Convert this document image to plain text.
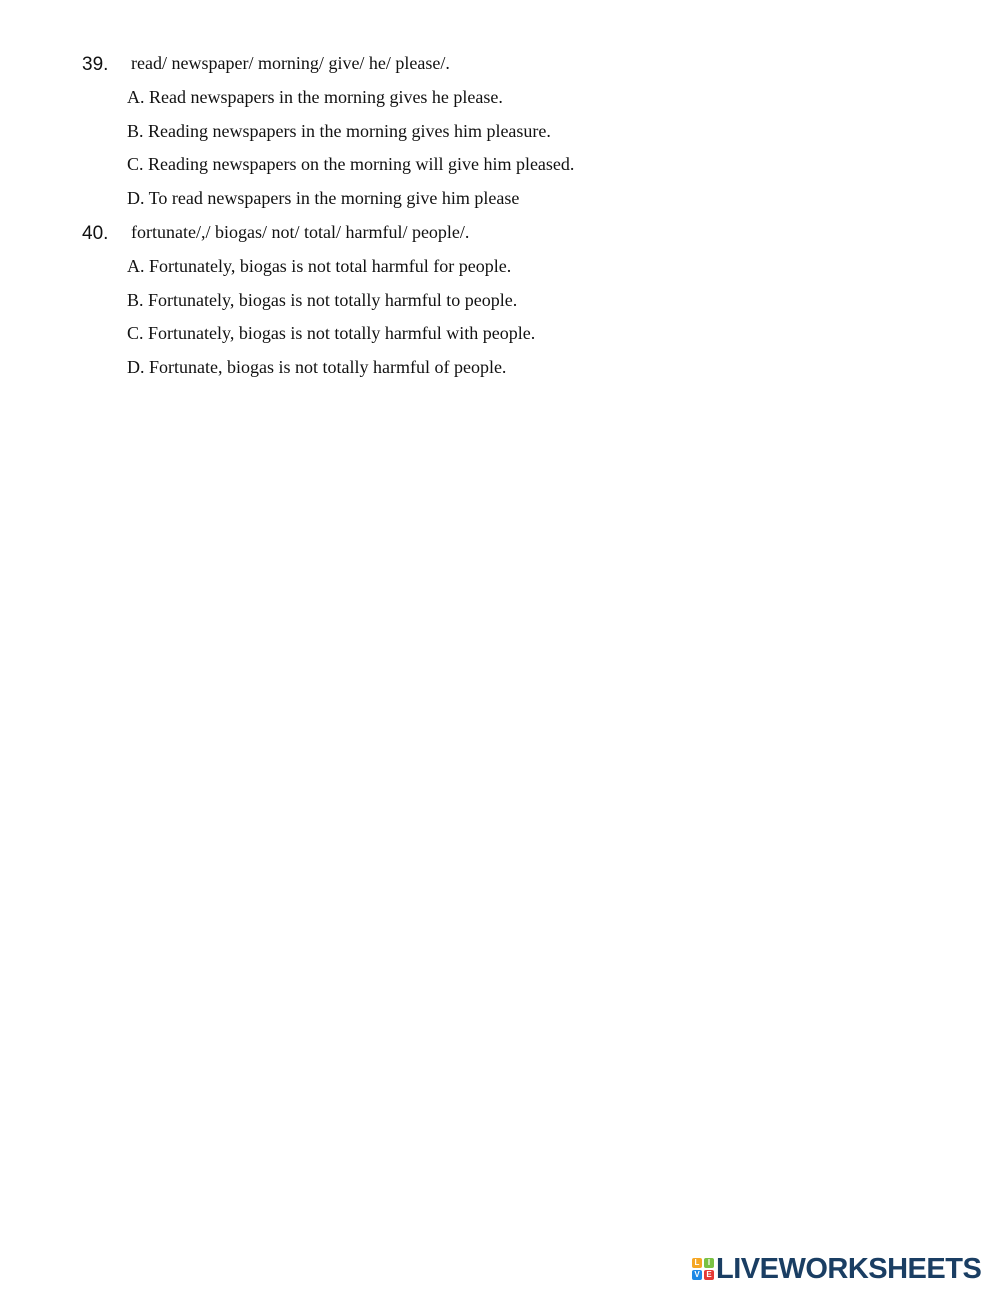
39. read/ newspaper/ morning/ give/ he/ please/.
A. Read newspapers in the morning gives he please.
B. Reading newspapers in the morning gives him pleasure.
C. Reading newspapers on the morning will give him pleased.
D. To read newspapers in the morning give him please
40. fortunate/,/ biogas/ not/ total/ harmful/ people/.
A. Fortunately, biogas is not total harmful for people.
B. Fortunately, biogas is not totally harmful to people.
C. Fortunately, biogas is not totally harmful with people.
D. Fortunate, biogas is not totally harmful of people.
L	I
V E LIVEWORKSHEETS
